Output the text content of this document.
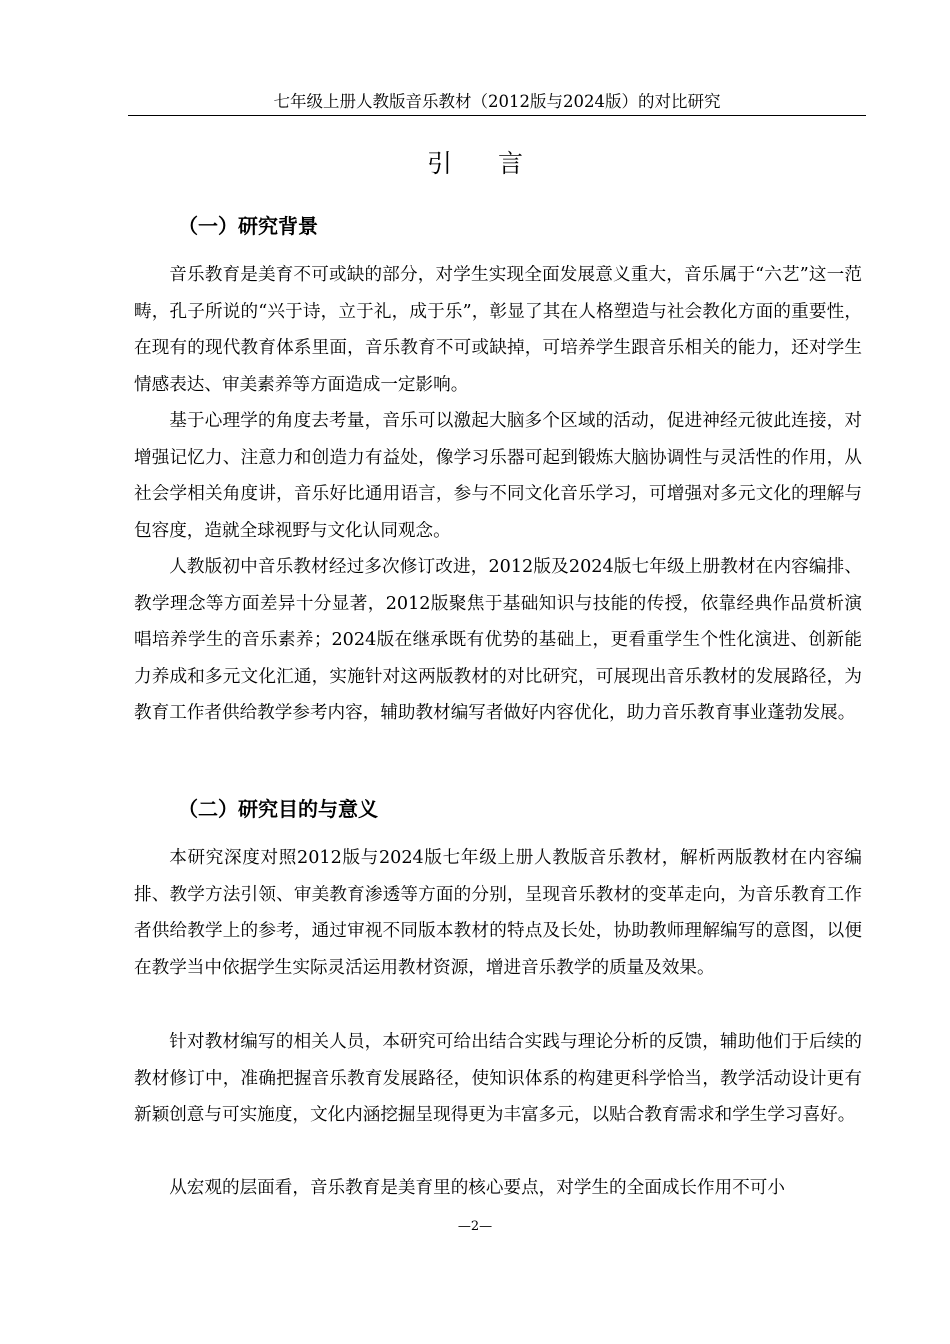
七年级上册人教版音乐教材（2012版与2024版）的对比研究
引言
（一）研究背景
音乐教育是美育不可或缺的部分，对学生实现全面发展意义重大，音乐属于“六艺”这一范畴，孔子所说的“兴于诗，立于礼，成于乐”，彰显了其在人格塑造与社会教化方面的重要性，在现有的现代教育体系里面，音乐教育不可或缺掉，可培养学生跟音乐相关的能力，还对学生情感表达、审美素养等方面造成一定影响。
基于心理学的角度去考量，音乐可以激起大脑多个区域的活动，促进神经元彼此连接，对增强记忆力、注意力和创造力有益处，像学习乐器可起到锻炼大脑协调性与灵活性的作用，从社会学相关角度讲，音乐好比通用语言，参与不同文化音乐学习，可增强对多元文化的理解与包容度，造就全球视野与文化认同观念。
人教版初中音乐教材经过多次修订改进，2012版及2024版七年级上册教材在内容编排、教学理念等方面差异十分显著，2012版聚焦于基础知识与技能的传授，依靠经典作品赏析演唱培养学生的音乐素养；2024版在继承既有优势的基础上，更看重学生个性化演进、创新能力养成和多元文化汇通，实施针对这两版教材的对比研究，可展现出音乐教材的发展路径，为教育工作者供给教学参考内容，辅助教材编写者做好内容优化，助力音乐教育事业蓬勃发展。
（二）研究目的与意义
本研究深度对照2012版与2024版七年级上册人教版音乐教材，解析两版教材在内容编排、教学方法引领、审美教育渗透等方面的分别，呈现音乐教材的变革走向，为音乐教育工作者供给教学上的参考，通过审视不同版本教材的特点及长处，协助教师理解编写的意图，以便在教学当中依据学生实际灵活运用教材资源，增进音乐教学的质量及效果。
针对教材编写的相关人员，本研究可给出结合实践与理论分析的反馈，辅助他们于后续的教材修订中，准确把握音乐教育发展路径，使知识体系的构建更科学恰当，教学活动设计更有新颖创意与可实施度，文化内涵挖掘呈现得更为丰富多元，以贴合教育需求和学生学习喜好。
从宏观的层面看，音乐教育是美育里的核心要点，对学生的全面成长作用不可小
—2—
